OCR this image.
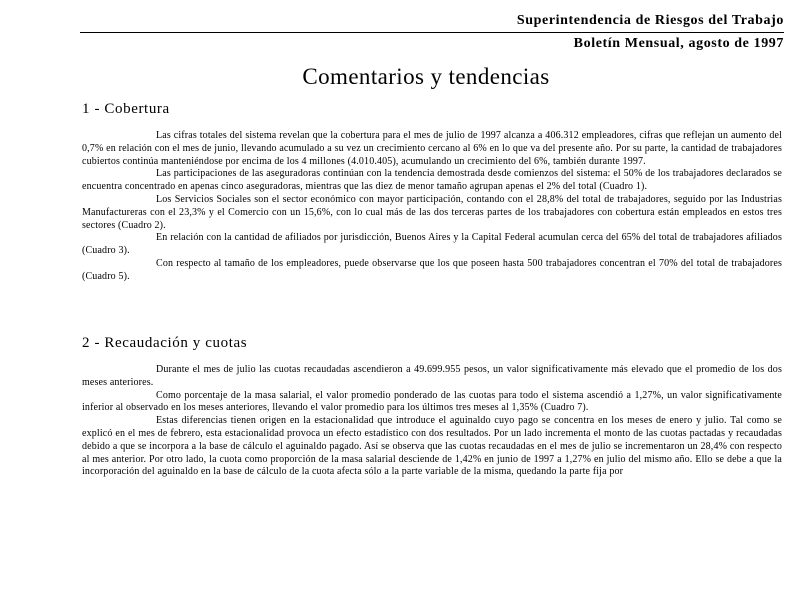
Superintendencia de Riesgos del Trabajo
Boletín Mensual, agosto de 1997
Comentarios y tendencias
1 - Cobertura

Las cifras totales del sistema revelan que la cobertura para el mes de julio de 1997 alcanza a 406.312 empleadores, cifras que reflejan un aumento del 0,7% en relación con el mes de junio, llevando acumulado a su vez un crecimiento cercano al 6% en lo que va del presente año. Por su parte, la cantidad de trabajadores cubiertos continúa manteniéndose por encima de los 4 millones (4.010.405), acumulando un crecimiento del 6%, también durante 1997.

Las participaciones de las aseguradoras continúan con la tendencia demostrada desde comienzos del sistema: el 50% de los trabajadores declarados se encuentra concentrado en apenas cinco aseguradoras, mientras que las diez de menor tamaño agrupan apenas el 2% del total (Cuadro 1).

Los Servicios Sociales son el sector económico con mayor participación, contando con el 28,8% del total de trabajadores, seguido por las Industrias Manufactureras con el 23,3% y el Comercio con un 15,6%, con lo cual más de las dos terceras partes de los trabajadores con cobertura están empleados en estos tres sectores (Cuadro 2).

En relación con la cantidad de afiliados por jurisdicción, Buenos Aires y la Capital Federal acumulan cerca del 65% del total de trabajadores afiliados (Cuadro 3).

Con respecto al tamaño de los empleadores, puede observarse que los que poseen hasta 500 trabajadores concentran el 70% del total de trabajadores (Cuadro 5).

2 - Recaudación y cuotas

Durante el mes de julio las cuotas recaudadas ascendieron a 49.699.955 pesos, un valor significativamente más elevado que el promedio de los dos meses anteriores.

Como porcentaje de la masa salarial, el valor promedio ponderado de las cuotas para todo el sistema ascendió a 1,27%, un valor significativamente inferior al observado en los meses anteriores, llevando el valor promedio para los últimos tres meses al 1,35% (Cuadro 7).

Estas diferencias tienen origen en la estacionalidad que introduce el aguinaldo cuyo pago se concentra en los meses de enero y julio. Tal como se explicó en el mes de febrero, esta estacionalidad provoca un efecto estadístico con dos resultados. Por un lado incrementa el monto de las cuotas pactadas y recaudadas debido a que se incorpora a la base de cálculo el aguinaldo pagado. Así se observa que las cuotas recaudadas en el mes de julio se incrementaron un 28,4% con respecto al mes anterior. Por otro lado, la cuota como proporción de la masa salarial desciende de 1,42% en junio de 1997 a 1,27% en julio del mismo año. Ello se debe a que la incorporación del aguinaldo en la base de cálculo de la cuota afecta sólo a la parte variable de la misma, quedando la parte fija por
